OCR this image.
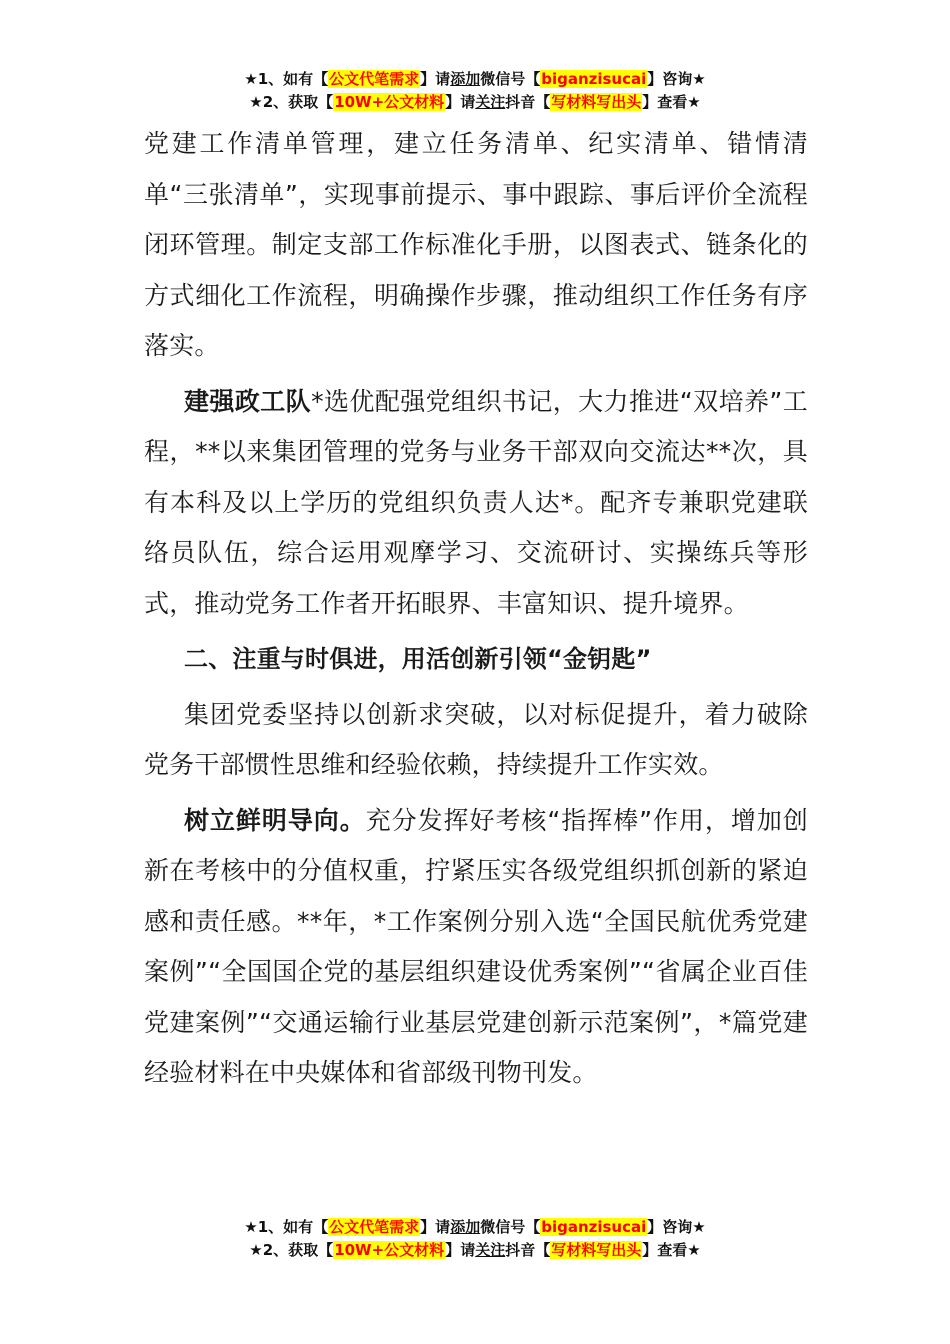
★1、如有【公文代笔需求】请添加微信号【biganzisucai】咨询★
★2、获取【10W+公文材料】请关注抖音【写材料写出头】查看★

党建工作清单管理，建立任务清单、纪实清单、错情清单“三张清单”，实现事前提示、事中跟踪、事后评价全流程闭环管理。制定支部工作标准化手册，以图表式、链条化的方式细化工作流程，明确操作步骤，推动组织工作任务有序落实。

建强政工队*选优配强党组织书记，大力推进“双培养”工程，**以来集团管理的党务与业务干部双向交流达**次，具有本科及以上学历的党组织负责人达*。配齐专兼职党建联络员队伍，综合运用观摩学习、交流研讨、实操练兵等形式，推动党务工作者开拓眼界、丰富知识、提升境界。

二、注重与时俱进，用活创新引领“金钥匙”

集团党委坚持以创新求突破，以对标促提升，着力破除党务干部惯性思维和经验依赖，持续提升工作实效。

树立鲜明导向。充分发挥好考核“指挥棒”作用，增加创新在考核中的分值权重，拧紧压实各级党组织抓创新的紧迫感和责任感。**年，*工作案例分别入选“全国民航优秀党建案例”“全国国企党的基层组织建设优秀案例”“省属企业百佳党建案例”“交通运输行业基层党建创新示范案例”，*篇党建经验材料在中央媒体和省部级刊物刊发。

★1、如有【公文代笔需求】请添加微信号【biganzisucai】咨询★
★2、获取【10W+公文材料】请关注抖音【写材料写出头】查看★
